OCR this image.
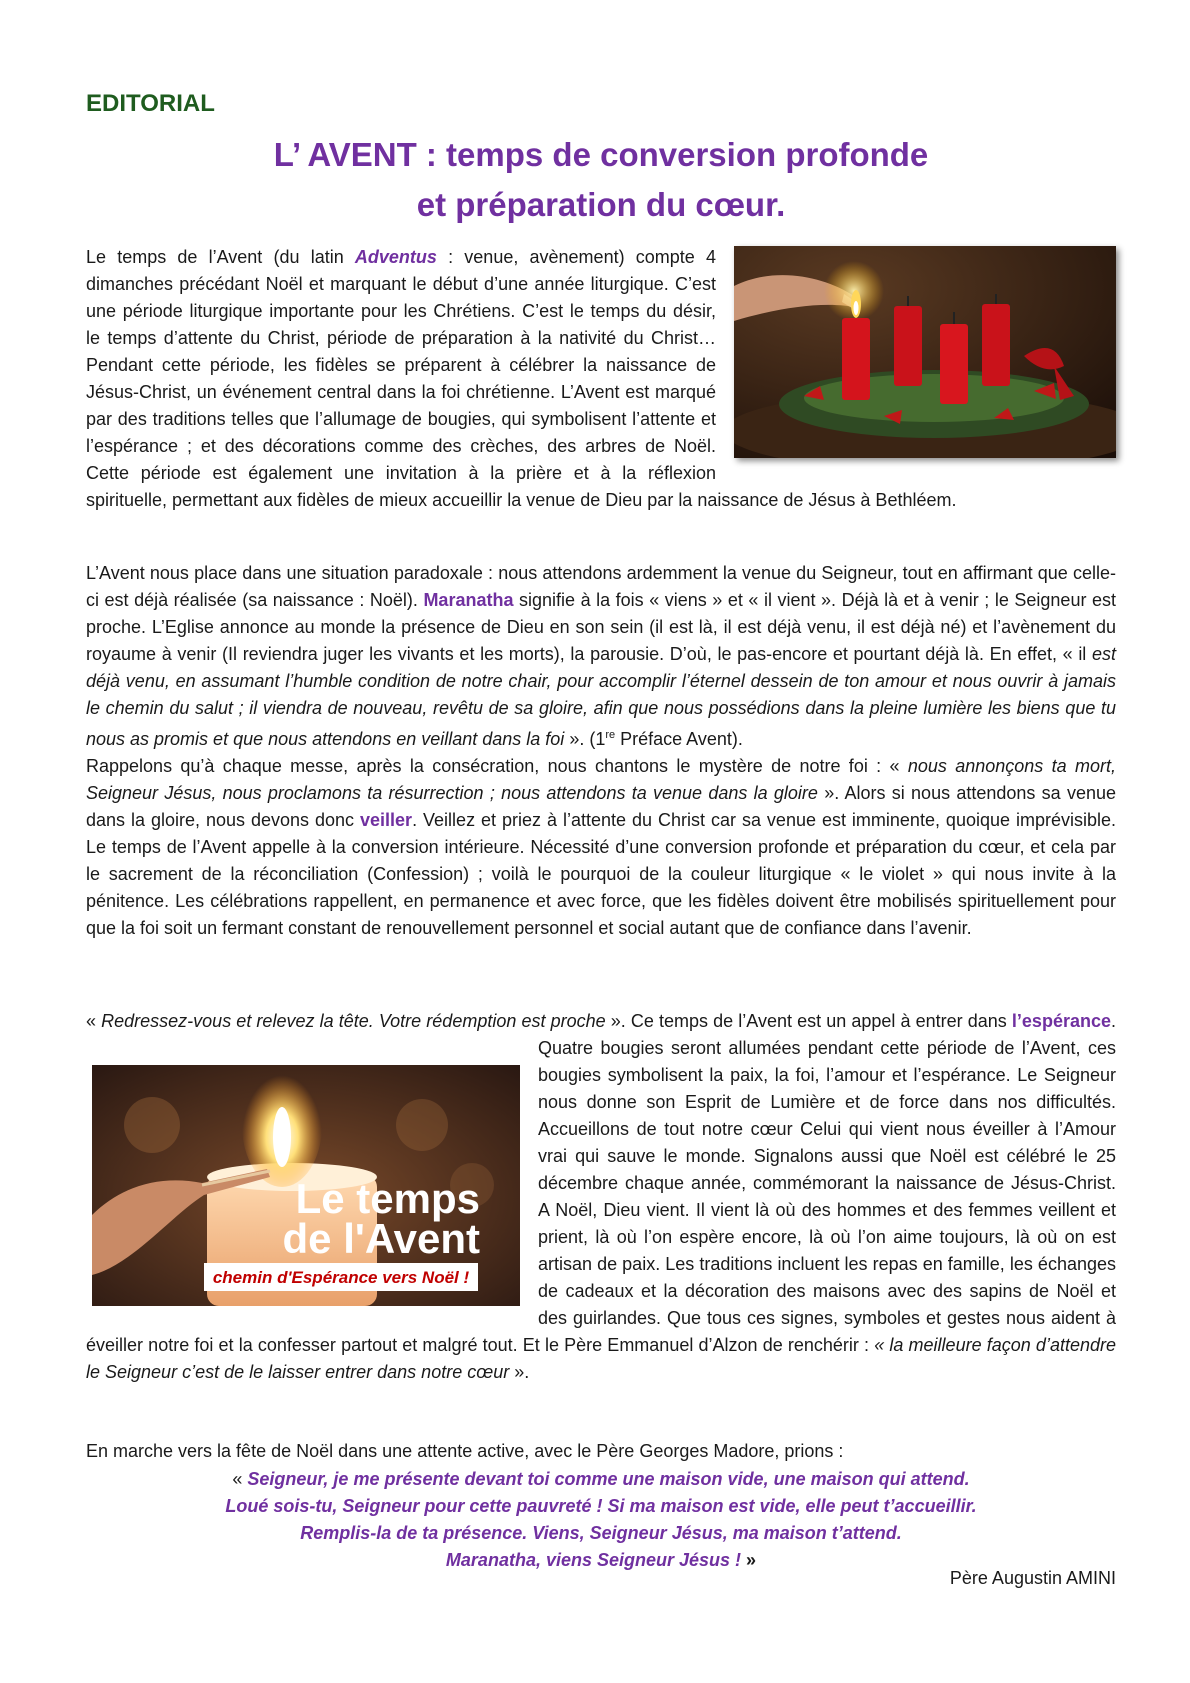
EDITORIAL
L’ AVENT : temps de conversion profonde
et préparation du cœur.

Le temps de l’Avent (du latin Adventus : venue, avènement) compte 4 dimanches précédant Noël et marquant le début d’une année liturgique. C’est une période liturgique importante pour les Chrétiens. C’est le temps du désir, le temps d’attente du Christ, période de préparation à la nativité du Christ… Pendant cette période, les fidèles se préparent à célébrer la naissance de Jésus-Christ, un événement central dans la foi chrétienne. L’Avent est marqué par des traditions telles que l’allumage de bougies, qui symbolisent l’attente et l’espérance ; et des décorations comme des crèches, des arbres de Noël. Cette période est également une invitation à la prière et à la réflexion spirituelle, permettant aux fidèles de mieux accueillir la venue de Dieu par la naissance de Jésus à Bethléem.

L’Avent nous place dans une situation paradoxale : nous attendons ardemment la venue du Seigneur, tout en affirmant que celle-ci est déjà réalisée (sa naissance : Noël). Maranatha signifie à la fois « viens » et « il vient ». Déjà là et à venir ; le Seigneur est proche. L’Eglise annonce au monde la présence de Dieu en son sein (il est là, il est déjà venu, il est déjà né) et l’avènement du royaume à venir (Il reviendra juger les vivants et les morts), la parousie. D’où, le pas-encore et pourtant déjà là. En effet, « il est déjà venu, en assumant l’humble condition de notre chair, pour accomplir l’éternel dessein de ton amour et nous ouvrir à jamais le chemin du salut ; il viendra de nouveau, revêtu de sa gloire, afin que nous possédions dans la pleine lumière les biens que tu nous as promis et que nous attendons en veillant dans la foi ». (1re Préface Avent).
Rappelons qu’à chaque messe, après la consécration, nous chantons le mystère de notre foi : « nous annonçons ta mort, Seigneur Jésus, nous proclamons ta résurrection ; nous attendons ta venue dans la gloire ». Alors si nous attendons sa venue dans la gloire, nous devons donc veiller. Veillez et priez à l’attente du Christ car sa venue est imminente, quoique imprévisible. Le temps de l’Avent appelle à la conversion intérieure. Nécessité d’une conversion profonde et préparation du cœur, et cela par le sacrement de la réconciliation (Confession) ; voilà le pourquoi de la couleur liturgique « le violet » qui nous invite à la pénitence. Les célébrations rappellent, en permanence et avec force, que les fidèles doivent être mobilisés spirituellement pour que la foi soit un fermant constant de renouvellement personnel et social autant que de confiance dans l’avenir.

« Redressez-vous et relevez la tête. Votre rédemption est proche ». Ce temps de l’Avent est un appel à entrer dans
Le temps
de l'Avent
chemin d'Espérance vers Noël !
l’espérance. Quatre bougies seront allumées pendant cette période de l’Avent, ces bougies symbolisent la paix, la foi, l’amour et l’espérance. Le Seigneur nous donne son Esprit de Lumière et de force dans nos difficultés. Accueillons de tout notre cœur Celui qui vient nous éveiller à l’Amour vrai qui sauve le monde. Signalons aussi que Noël est célébré le 25 décembre chaque année, commémorant la naissance de Jésus-Christ. A Noël, Dieu vient. Il vient là où des hommes et des femmes veillent et prient, là où l’on espère encore, là où l’on aime toujours, là où on est artisan de paix. Les traditions incluent les repas en famille, les échanges de cadeaux et la décoration des maisons avec des sapins de Noël et des guirlandes. Que tous ces signes, symboles et gestes nous aident à éveiller notre foi et la confesser partout et malgré tout. Et le Père Emmanuel d’Alzon de renchérir : « la meilleure façon d’attendre le Seigneur c’est de le laisser entrer dans notre cœur ».

En marche vers la fête de Noël dans une attente active, avec le Père Georges Madore, prions :

« Seigneur, je me présente devant toi comme une maison vide, une maison qui attend.
Loué sois-tu, Seigneur pour cette pauvreté ! Si ma maison est vide, elle peut t’accueillir.
Remplis-la de ta présence. Viens, Seigneur Jésus, ma maison t’attend.
Maranatha, viens Seigneur Jésus ! »
Père Augustin AMINI
